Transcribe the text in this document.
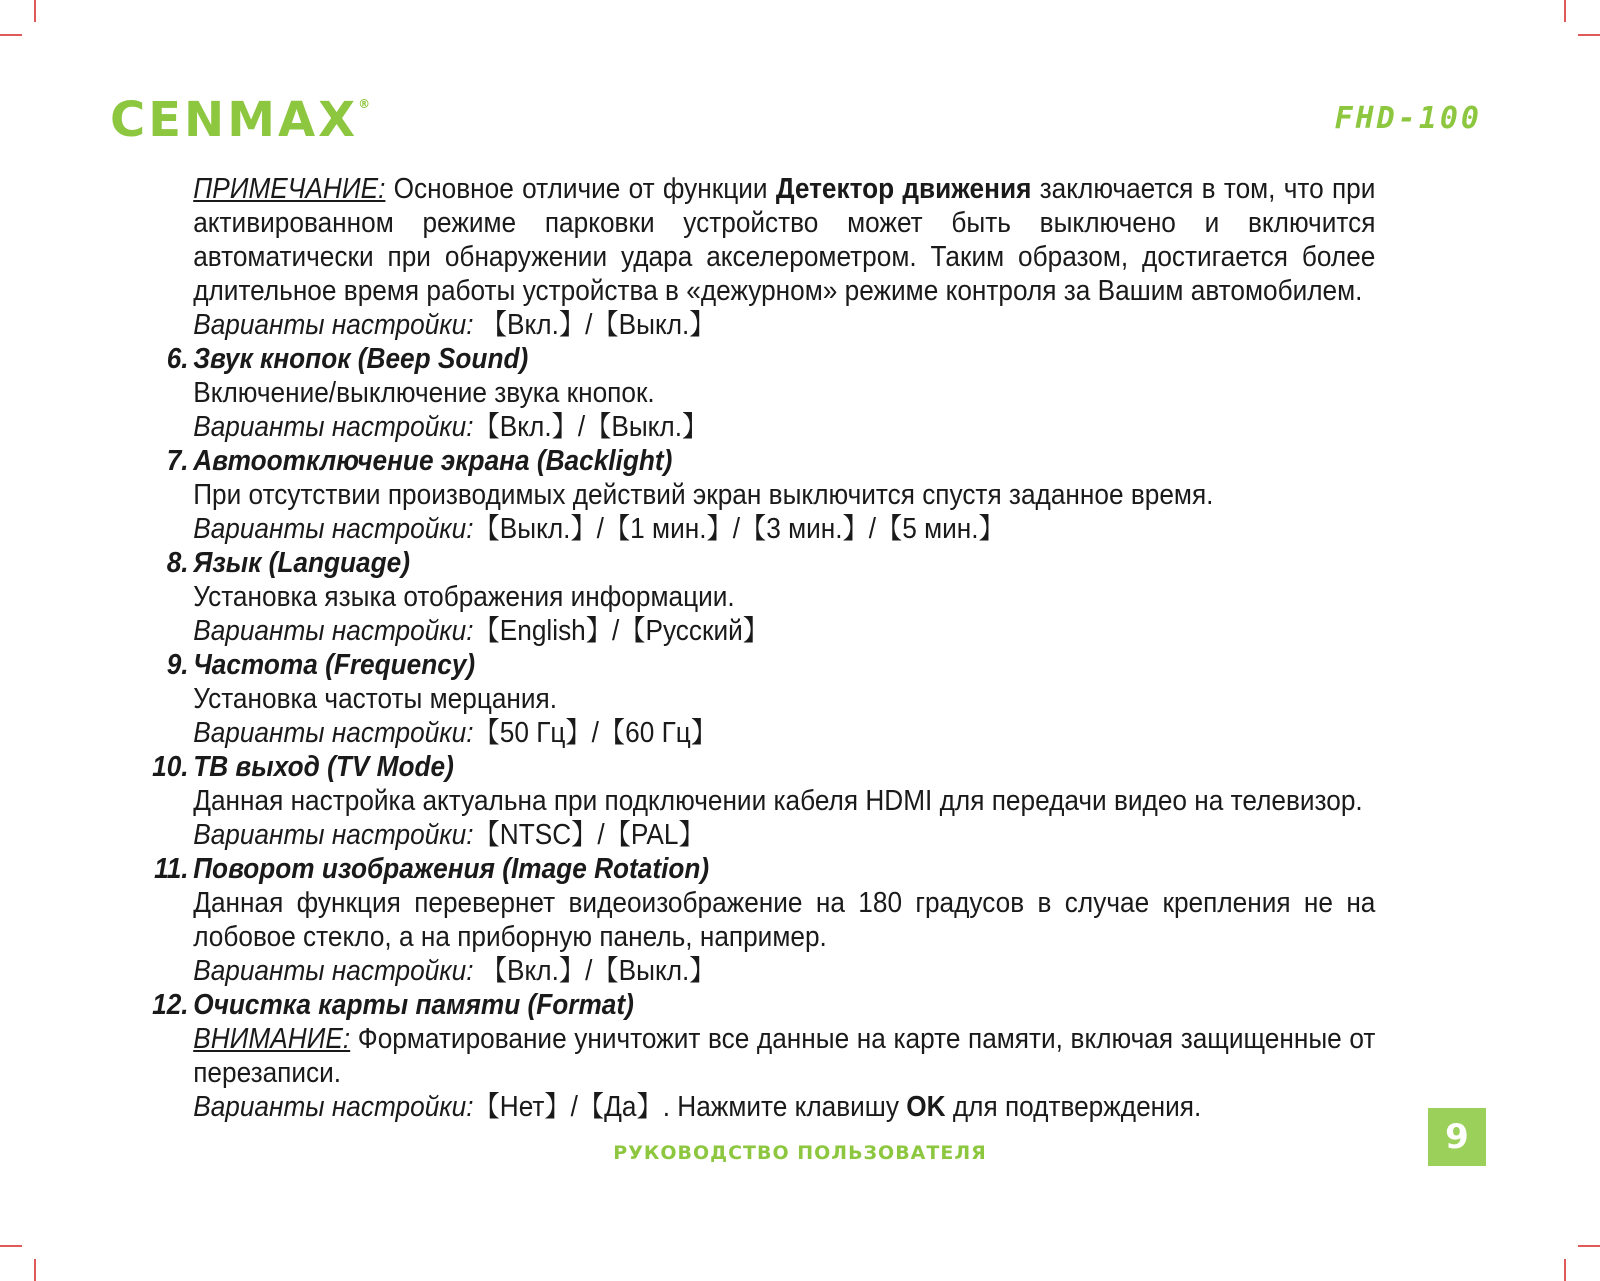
CENMAX®	FHD-100

ПРИМЕЧАНИЕ: Основное отличие от функции Детектор движения заключается в том, что при активированном режиме парковки устройство может быть выключено и включится автоматически при обнаружении удара акселерометром. Таким образом, достигается более длительное время работы устройства в «дежурном» режиме контроля за Вашим автомобилем.

Варианты настройки: 【Вкл.】/【Выкл.】

6. Звук кнопок (Beep Sound)

Включение/выключение звука кнопок.

Варианты настройки:【Вкл.】/【Выкл.】

7. Автоотключение экрана (Backlight)

При отсутствии производимых действий экран выключится спустя заданное время.

Варианты настройки:【Выкл.】/【1 мин.】/【3 мин.】/【5 мин.】

8. Язык (Language)

Установка языка отображения информации.

Варианты настройки:【English】/【Русский】

9. Частота (Frequency)

Установка частоты мерцания.

Варианты настройки:【50 Гц】/【60 Гц】

10. ТВ выход (TV Mode)

Данная настройка актуальна при подключении кабеля HDMI для передачи видео на телевизор.

Варианты настройки:【NTSC】/【PAL】

11. Поворот изображения (Image Rotation)

Данная функция перевернет видеоизображение на 180 градусов в случае крепления не на лобовое стекло, а на приборную панель, например.

Варианты настройки: 【Вкл.】/【Выкл.】

12. Очистка карты памяти (Format)

ВНИМАНИЕ: Форматирование уничтожит все данные на карте памяти, включая защищенные от перезаписи.

Варианты настройки:【Нет】/【Да】. Нажмите клавишу OK для подтверждения.

РУКОВОДСТВО ПОЛЬЗОВАТЕЛЯ	9
